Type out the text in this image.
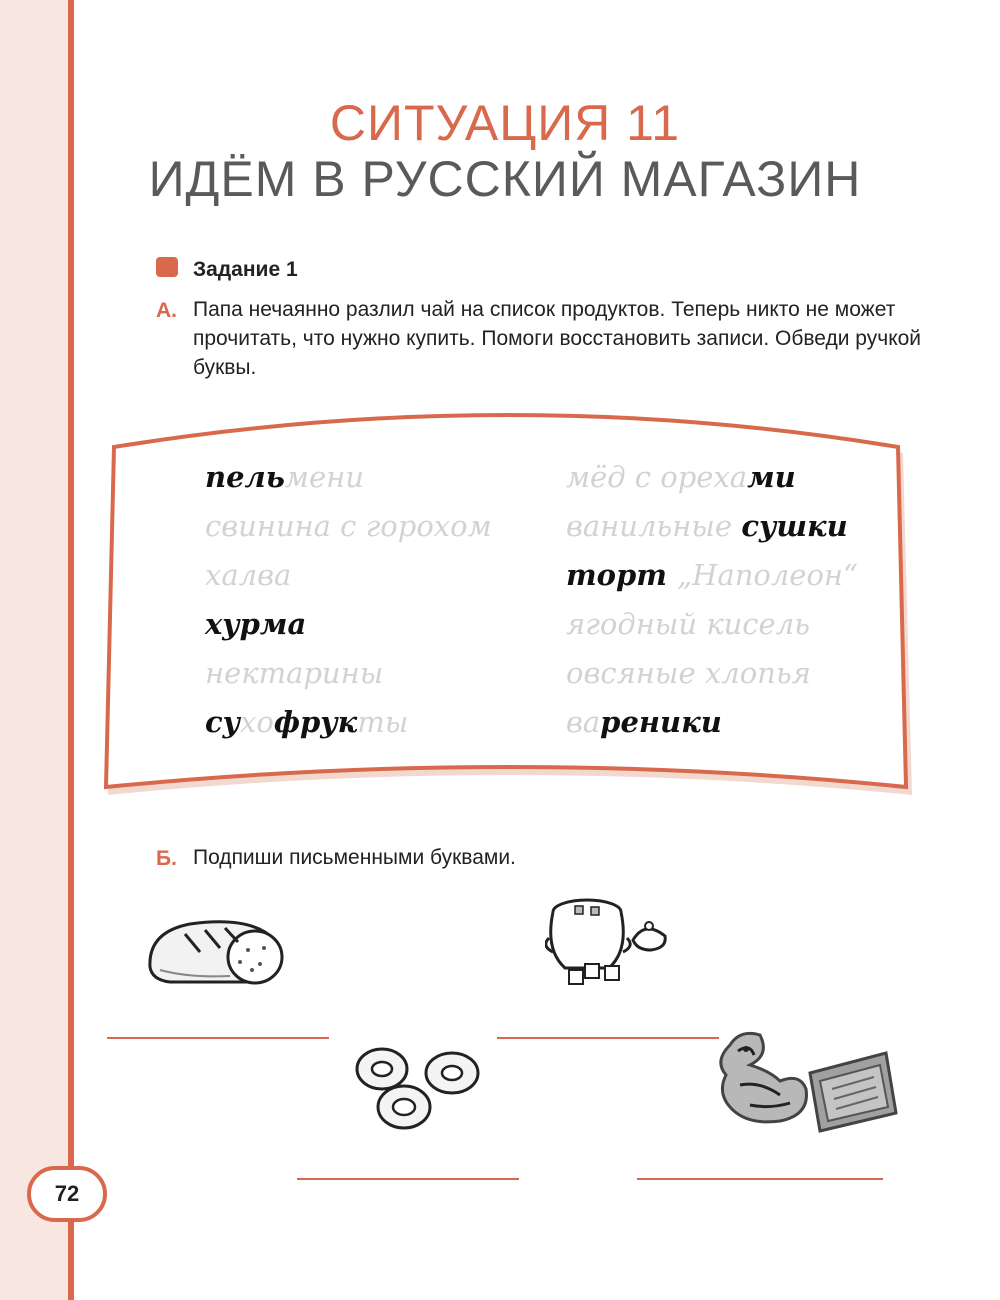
72
СИТУАЦИЯ 11
ИДЁМ В РУССКИЙ МАГАЗИН
Задание 1
А. Папа нечаянно разлил чай на список продуктов. Теперь никто не может прочитать, что нужно купить. Помоги восстановить записи. Обведи ручкой буквы.
пельмени
свинина с горохом
халва
хурма
нектарины
сухофрукты
мёд с орехами
ванильные сушки
торт „Наполеон“
ягодный кисель
овсяные хлопья
вареники
Б. Подпиши письменными буквами.
